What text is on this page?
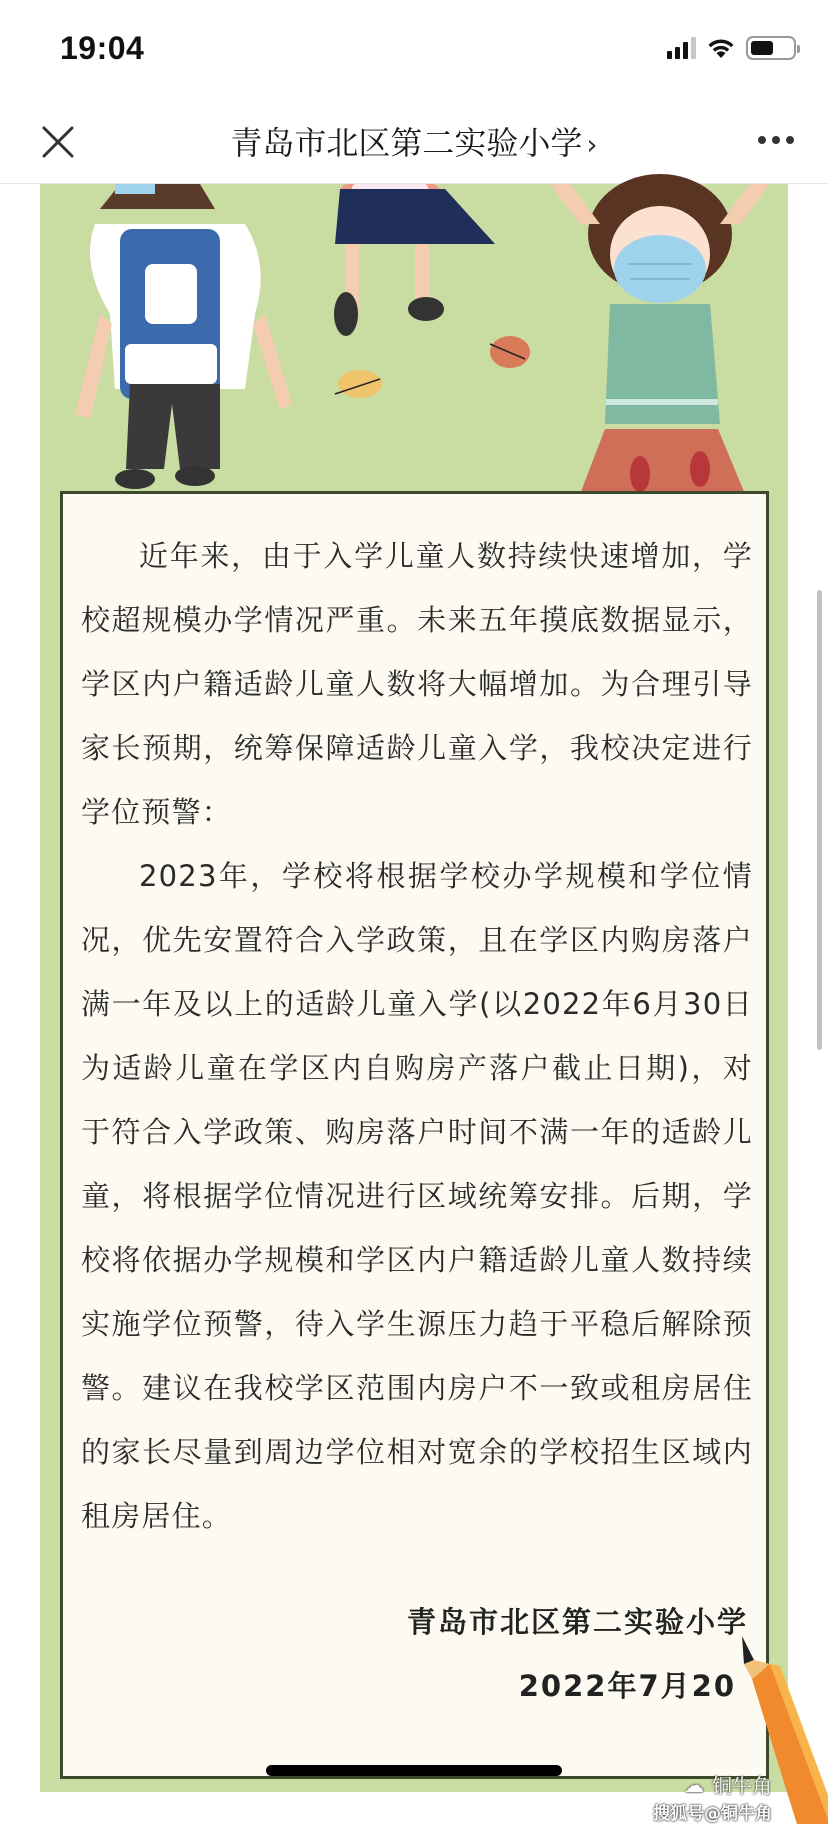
19:04
青岛市北区第二实验小学 ›

近年来，由于入学儿童人数持续快速增加，学校超规模办学情况严重。未来五年摸底数据显示，学区内户籍适龄儿童人数将大幅增加。为合理引导家长预期，统筹保障适龄儿童入学，我校决定进行学位预警：

2023年，学校将根据学校办学规模和学位情况，优先安置符合入学政策，且在学区内购房落户满一年及以上的适龄儿童入学(以2022年6月30日为适龄儿童在学区内自购房产落户截止日期)，对于符合入学政策、购房落户时间不满一年的适龄儿童，将根据学位情况进行区域统筹安排。后期，学校将依据办学规模和学区内户籍适龄儿童人数持续实施学位预警，待入学生源压力趋于平稳后解除预警。建议在我校学区范围内房户不一致或租房居住的家长尽量到周边学位相对宽余的学校招生区域内租房居住。

青岛市北区第二实验小学
2022年7月20
☁ 铜牛角
搜狐号@铜牛角
